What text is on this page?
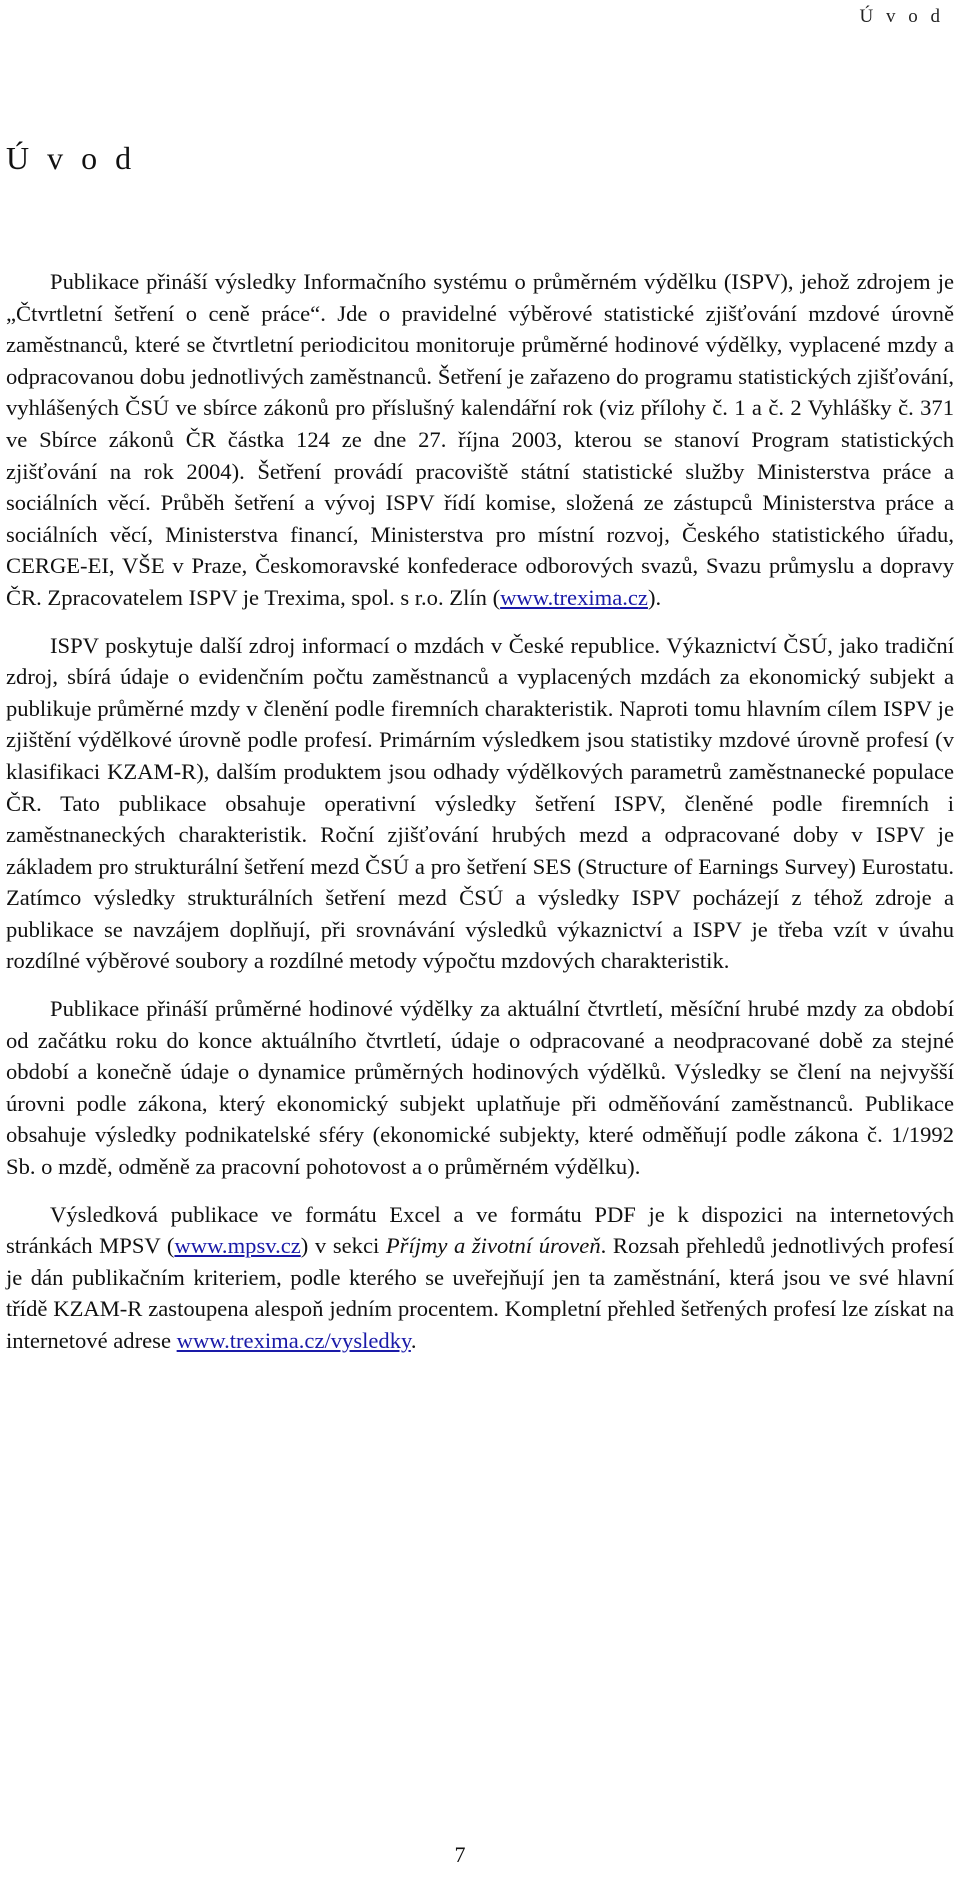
Ú v o d
Ú v o d

Publikace přináší výsledky Informačního systému o průměrném výdělku (ISPV), jehož zdrojem je „Čtvrtletní šetření o ceně práce“. Jde o pravidelné výběrové statistické zjišťování mzdové úrovně zaměstnanců, které se čtvrtletní periodicitou monitoruje průměrné hodinové výdělky, vyplacené mzdy a odpracovanou dobu jednotlivých zaměstnanců. Šetření je zařazeno do programu statistických zjišťování, vyhlášených ČSÚ ve sbírce zákonů pro příslušný kalendářní rok (viz přílohy č. 1 a č. 2 Vyhlášky č. 371 ve Sbírce zákonů ČR částka 124 ze dne 27. října 2003, kterou se stanoví Program statistických zjišťování na rok 2004). Šetření provádí pracoviště státní statistické služby Ministerstva práce a sociálních věcí. Průběh šetření a vývoj ISPV řídí komise, složená ze zástupců Ministerstva práce a sociálních věcí, Ministerstva financí, Ministerstva pro místní rozvoj, Českého statistického úřadu, CERGE-EI, VŠE v Praze, Českomoravské konfederace odborových svazů, Svazu průmyslu a dopravy ČR. Zpracovatelem ISPV je Trexima, spol. s r.o. Zlín (www.trexima.cz).

ISPV poskytuje další zdroj informací o mzdách v České republice. Výkaznictví ČSÚ, jako tradiční zdroj, sbírá údaje o evidenčním počtu zaměstnanců a vyplacených mzdách za ekonomický subjekt a publikuje průměrné mzdy v členění podle firemních charakteristik. Naproti tomu hlavním cílem ISPV je zjištění výdělkové úrovně podle profesí. Primárním výsledkem jsou statistiky mzdové úrovně profesí (v klasifikaci KZAM-R), dalším produktem jsou odhady výdělkových parametrů zaměstnanecké populace ČR. Tato publikace obsahuje operativní výsledky šetření ISPV, členěné podle firemních i zaměstnaneckých charakteristik. Roční zjišťování hrubých mezd a odpracované doby v ISPV je základem pro strukturální šetření mezd ČSÚ a pro šetření SES (Structure of Earnings Survey) Eurostatu. Zatímco výsledky strukturálních šetření mezd ČSÚ a výsledky ISPV pocházejí z téhož zdroje a publikace se navzájem doplňují, při srovnávání výsledků výkaznictví a ISPV je třeba vzít v úvahu rozdílné výběrové soubory a rozdílné metody výpočtu mzdových charakteristik.

Publikace přináší průměrné hodinové výdělky za aktuální čtvrtletí, měsíční hrubé mzdy za období od začátku roku do konce aktuálního čtvrtletí, údaje o odpracované a neodpracované době za stejné období a konečně údaje o dynamice průměrných hodinových výdělků. Výsledky se člení na nejvyšší úrovni podle zákona, který ekonomický subjekt uplatňuje při odměňování zaměstnanců. Publikace obsahuje výsledky podnikatelské sféry (ekonomické subjekty, které odměňují podle zákona č. 1/1992 Sb. o mzdě, odměně za pracovní pohotovost a o průměrném výdělku).

Výsledková publikace ve formátu Excel a ve formátu PDF je k dispozici na internetových stránkách MPSV (www.mpsv.cz) v sekci Příjmy a životní úroveň. Rozsah přehledů jednotlivých profesí je dán publikačním kriteriem, podle kterého se uveřejňují jen ta zaměstnání, která jsou ve své hlavní třídě KZAM-R zastoupena alespoň jedním procentem. Kompletní přehled šetřených profesí lze získat na internetové adrese www.trexima.cz/vysledky.

7
